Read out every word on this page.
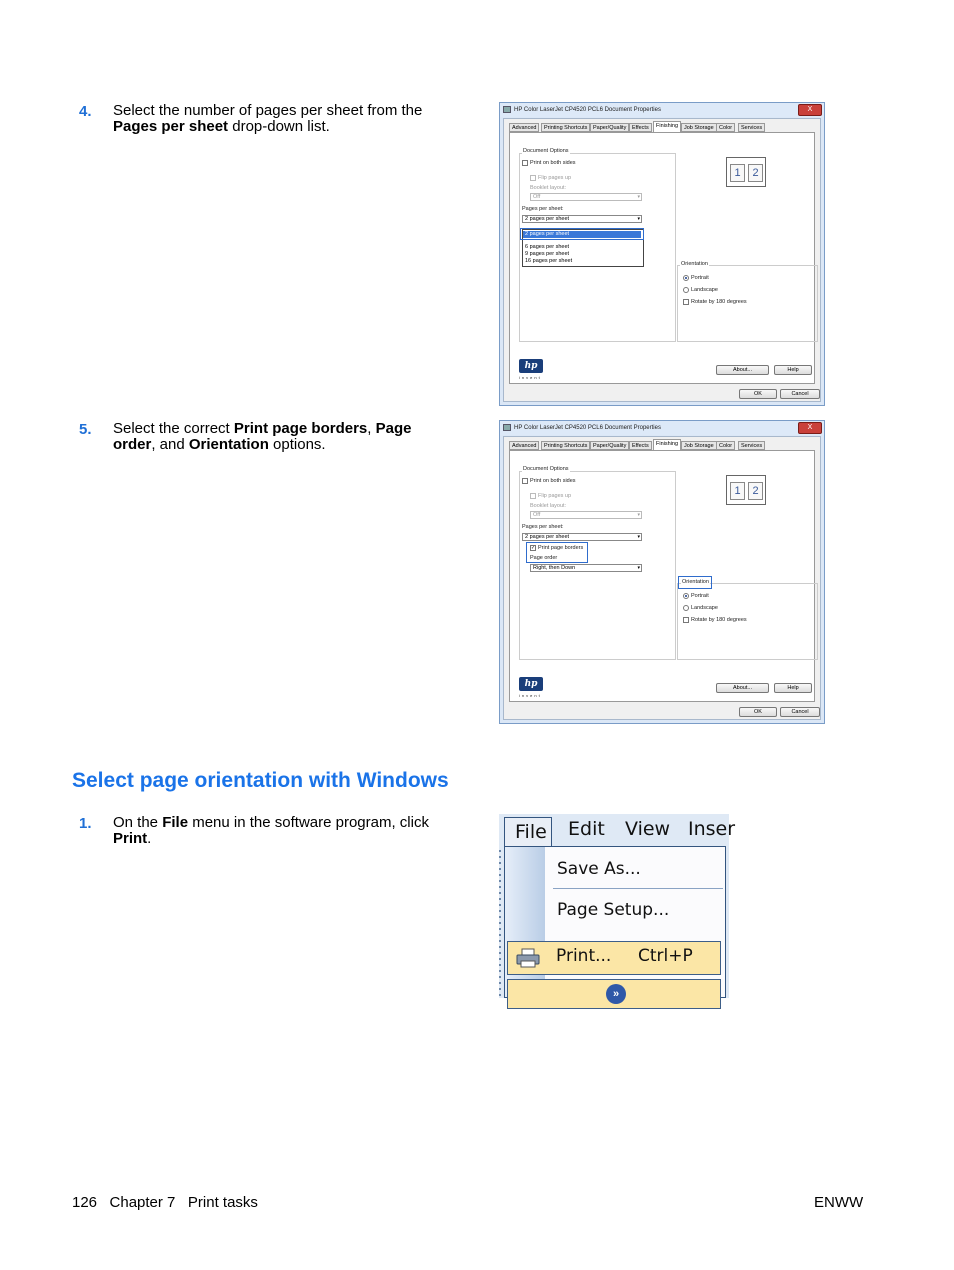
4. Select the number of pages per sheet from the Pages per sheet drop-down list.
5. Select the correct Print page borders, Page order, and Orientation options.
HP Color LaserJet CP4520 PCL6 Document Properties	X
Advanced	Printing Shortcuts	Paper/Quality	Effects	Finishing	Job Storage Color	Services
Document Options
Print on both sides
Flip pages up
Booklet layout:
Off	▾
Pages per sheet:
2 pages per sheet	▾
2 pages per sheet
6 pages per sheet
9 pages per sheet
16 pages per sheet
1	2
Orientation
Portrait
Landscape
Rotate by 180 degrees
hp
invent
About...	Help
OK	Cancel
HP Color LaserJet CP4520 PCL6 Document Properties	X
Advanced	Printing Shortcuts	Paper/Quality	Effects	Finishing	Job Storage Color	Services
Document Options
Print on both sides
Flip pages up
Booklet layout:
Off	▾
Pages per sheet:
2 pages per sheet	▾
✓ Print page borders
Page order
Right, then Down	▾
1	2
Orientation
Portrait
Landscape
Rotate by 180 degrees
hp
invent
About...	Help
OK	Cancel
Select page orientation with Windows
1. On the File menu in the software program, click Print.	File Edit View Inser
Save As...
Page Setup...
Print... Ctrl+P
»
126   Chapter 7   Print tasks	ENWW
